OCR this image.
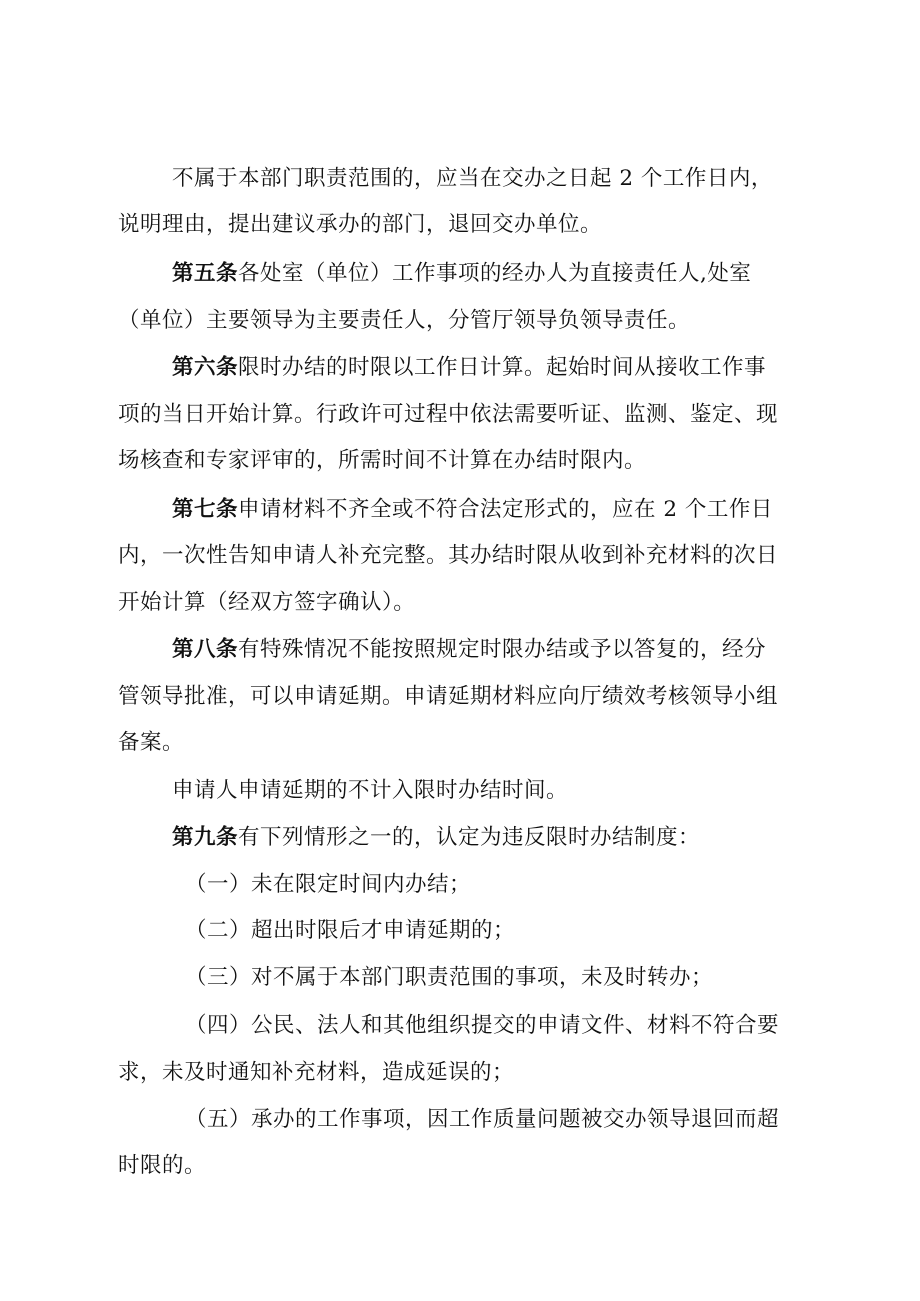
不属于本部门职责范围的，应当在交办之日起 2 个工作日内，
说明理由，提出建议承办的部门，退回交办单位。
第五条各处室（单位）工作事项的经办人为直接责任人,处室
（单位）主要领导为主要责任人，分管厅领导负领导责任。
第六条限时办结的时限以工作日计算。起始时间从接收工作事
项的当日开始计算。行政许可过程中依法需要听证、监测、鉴定、现
场核查和专家评审的，所需时间不计算在办结时限内。
第七条申请材料不齐全或不符合法定形式的，应在 2 个工作日
内，一次性告知申请人补充完整。其办结时限从收到补充材料的次日
开始计算（经双方签字确认）。
第八条有特殊情况不能按照规定时限办结或予以答复的，经分
管领导批准，可以申请延期。申请延期材料应向厅绩效考核领导小组
备案。
申请人申请延期的不计入限时办结时间。
第九条有下列情形之一的，认定为违反限时办结制度：
（一）未在限定时间内办结；
（二）超出时限后才申请延期的；
（三）对不属于本部门职责范围的事项，未及时转办；
（四）公民、法人和其他组织提交的申请文件、材料不符合要
求，未及时通知补充材料，造成延误的；
（五）承办的工作事项，因工作质量问题被交办领导退回而超
时限的。
